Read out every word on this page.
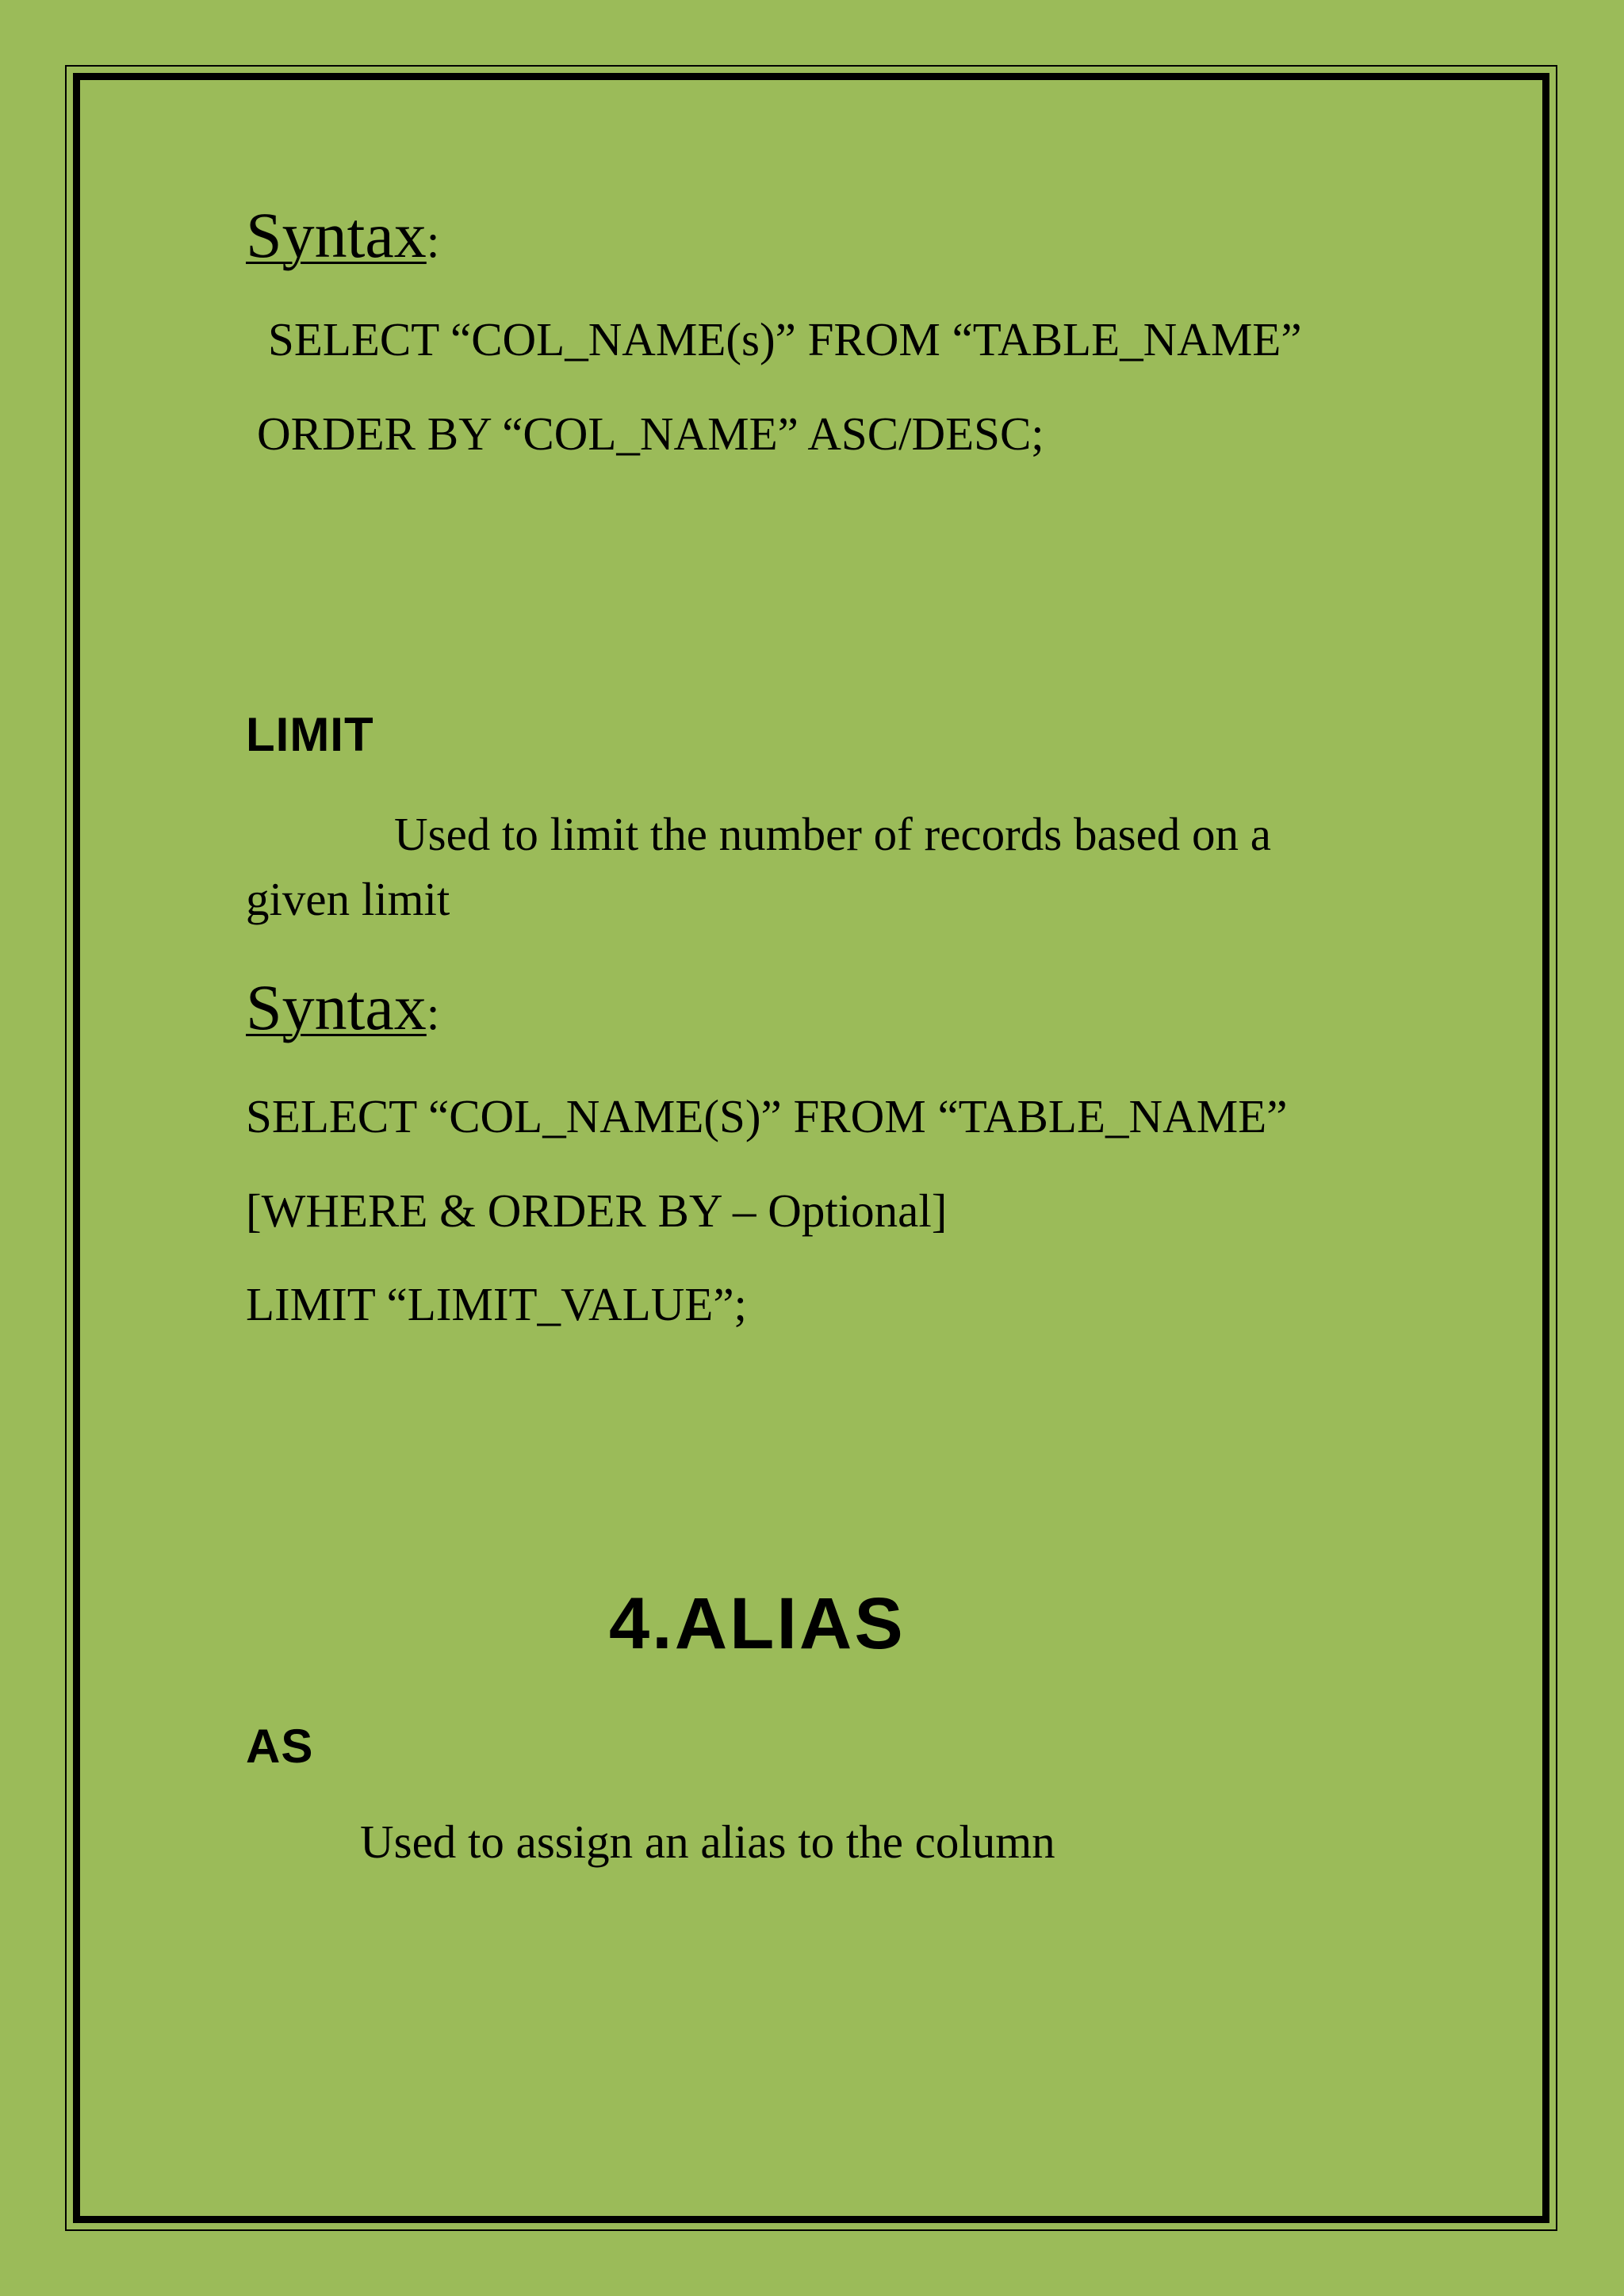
Syntax:

SELECT “COL_NAME(s)” FROM “TABLE_NAME”

ORDER BY “COL_NAME” ASC/DESC;

LIMIT

Used to limit the number of records based on a

given limit

Syntax:

SELECT “COL_NAME(S)” FROM “TABLE_NAME”

[WHERE & ORDER BY – Optional]

LIMIT “LIMIT_VALUE”;

4.ALIAS

AS

Used to assign an alias to the column
